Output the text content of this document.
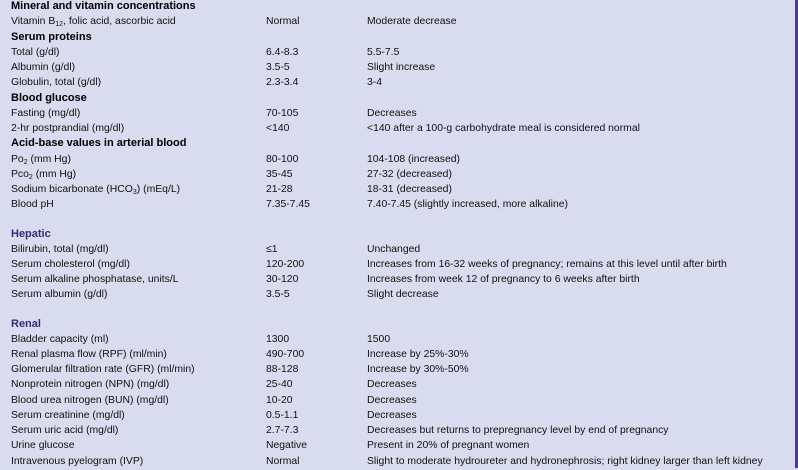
Mineral and vitamin concentrations
Vitamin $B_{12}$, folic acid, ascorbic acid	Normal	Moderate decrease
Serum proteins
Total (g/dl)	6.4-8.3	5.5-7.5
Albumin (g/dl)	3.5-5	Slight increase
Globulin, total (g/dl)	2.3-3.4	3-4
Blood glucose
Fasting (mg/dl)	70-105	Decreases
2-hr postprandial (mg/dl)	<140	<140 after a 100-g carbohydrate meal is considered normal
Acid-base values in arterial blood
$Po_2$ (mm Hg)	80-100	104-108 (increased)
Pco$_2$ (mm Hg)	35-45	27-32 (decreased)
Sodium bicarbonate $(HCO_3)$ (mEq/L)	21-28	18-31 (decreased)
Blood pH	7.35-7.45	7.40-7.45 (slightly increased, more alkaline)
Hepatic
Bilirubin, total (mg/dl)	≤1	Unchanged
Serum cholesterol (mg/dl)	120-200	Increases from 16-32 weeks of pregnancy; remains at this level until after birth
Serum alkaline phosphatase, units/L	30-120	Increases from week 12 of pregnancy to 6 weeks after birth
Serum albumin (g/dl)	3.5-5	Slight decrease
Renal
Bladder capacity (ml)	1300	1500
Renal plasma flow (RPF) (ml/min)	490-700	Increase by 25%-30%
Glomerular filtration rate (GFR) (ml/min)	88-128	Increase by 30%-50%
Nonprotein nitrogen (NPN) (mg/dl)	25-40	Decreases
Blood urea nitrogen (BUN) (mg/dl)	10-20	Decreases
Serum creatinine (mg/dl)	0.5-1.1	Decreases
Serum uric acid (mg/dl)	2.7-7.3	Decreases but returns to prepregnancy level by end of pregnancy
Urine glucose	Negative	Present in 20% of pregnant women
Intravenous pyelogram (IVP)	Normal	Slight to moderate hydroureter and hydronephrosis; right kidney larger than left kidney
